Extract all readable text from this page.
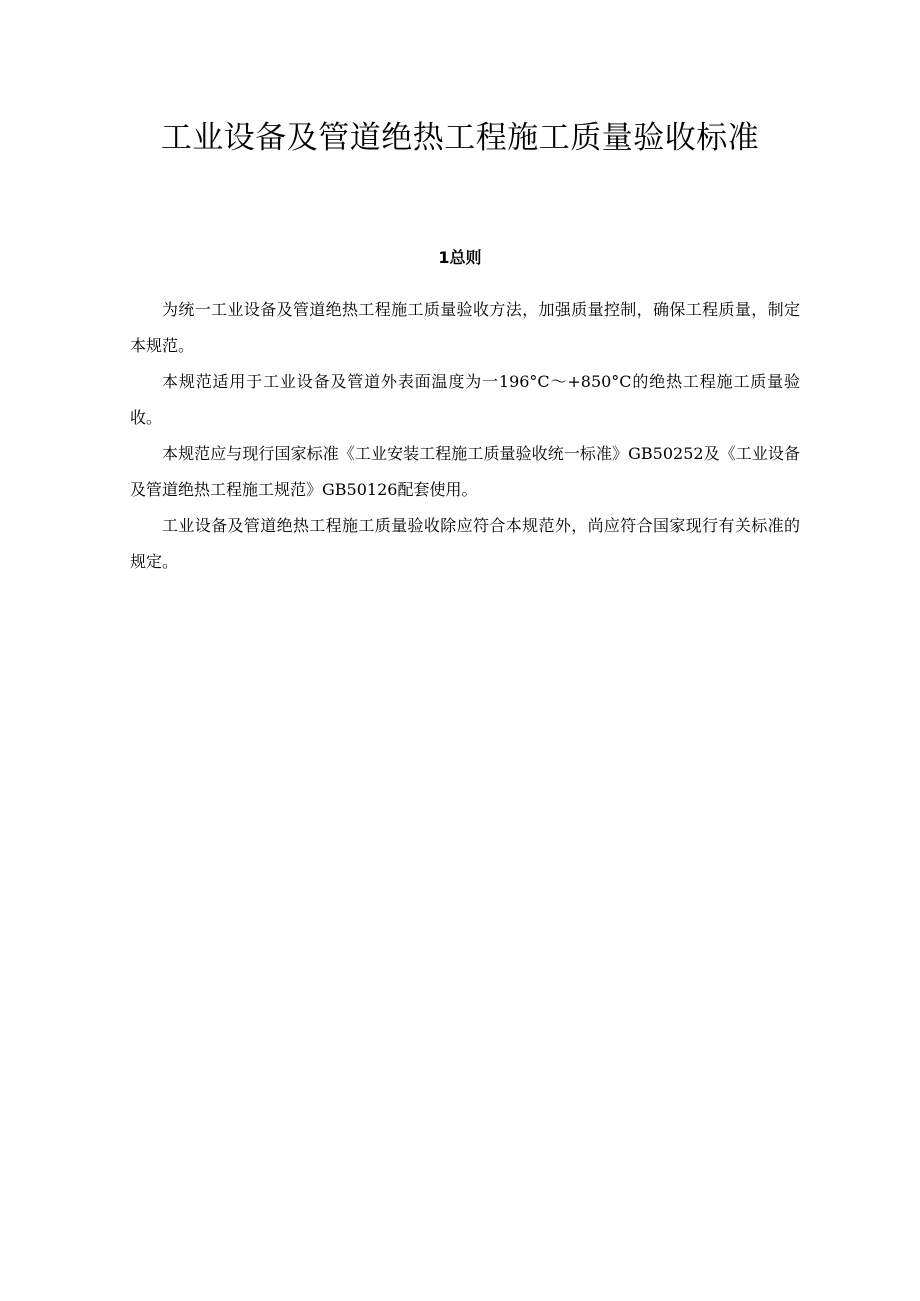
工业设备及管道绝热工程施工质量验收标准
1总则

为统一工业设备及管道绝热工程施工质量验收方法，加强质量控制，确保工程质量，制定本规范。

本规范适用于工业设备及管道外表面温度为一196°C～+850°C的绝热工程施工质量验收。

本规范应与现行国家标准《工业安装工程施工质量验收统一标准》GB50252及《工业设备及管道绝热工程施工规范》GB50126配套使用。

工业设备及管道绝热工程施工质量验收除应符合本规范外，尚应符合国家现行有关标准的规定。
